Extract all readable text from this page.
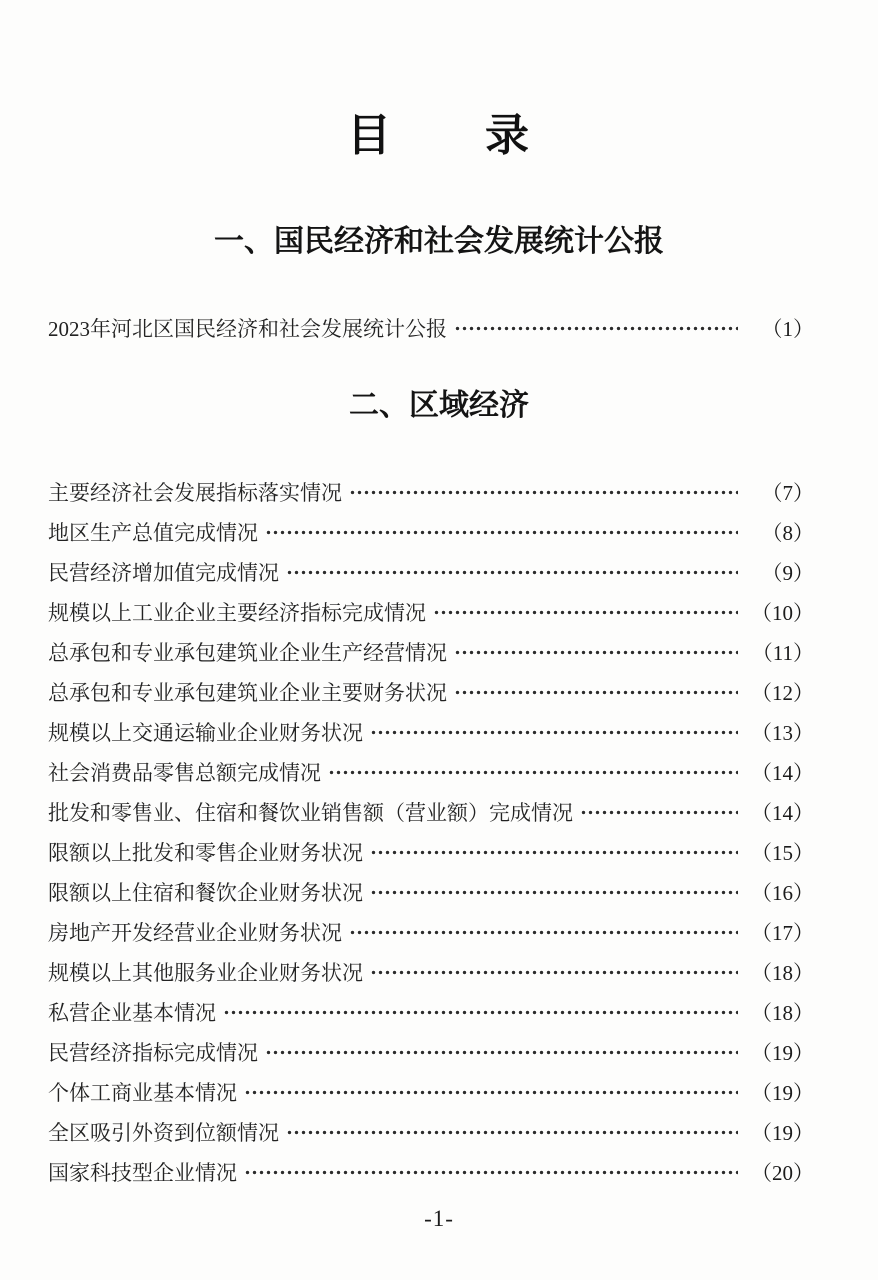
目　　录
一、国民经济和社会发展统计公报
2023年河北区国民经济和社会发展统计公报	（1）
二、区域经济
主要经济社会发展指标落实情况	（7）
地区生产总值完成情况	（8）
民营经济增加值完成情况	（9）
规模以上工业企业主要经济指标完成情况	（10）
总承包和专业承包建筑业企业生产经营情况	（11）
总承包和专业承包建筑业企业主要财务状况	（12）
规模以上交通运输业企业财务状况	（13）
社会消费品零售总额完成情况	（14）
批发和零售业、住宿和餐饮业销售额（营业额）完成情况	（14）
限额以上批发和零售企业财务状况	（15）
限额以上住宿和餐饮企业财务状况	（16）
房地产开发经营业企业财务状况	（17）
规模以上其他服务业企业财务状况	（18）
私营企业基本情况	（18）
民营经济指标完成情况	（19）
个体工商业基本情况	（19）
全区吸引外资到位额情况	（19）
国家科技型企业情况	（20）
-1-
